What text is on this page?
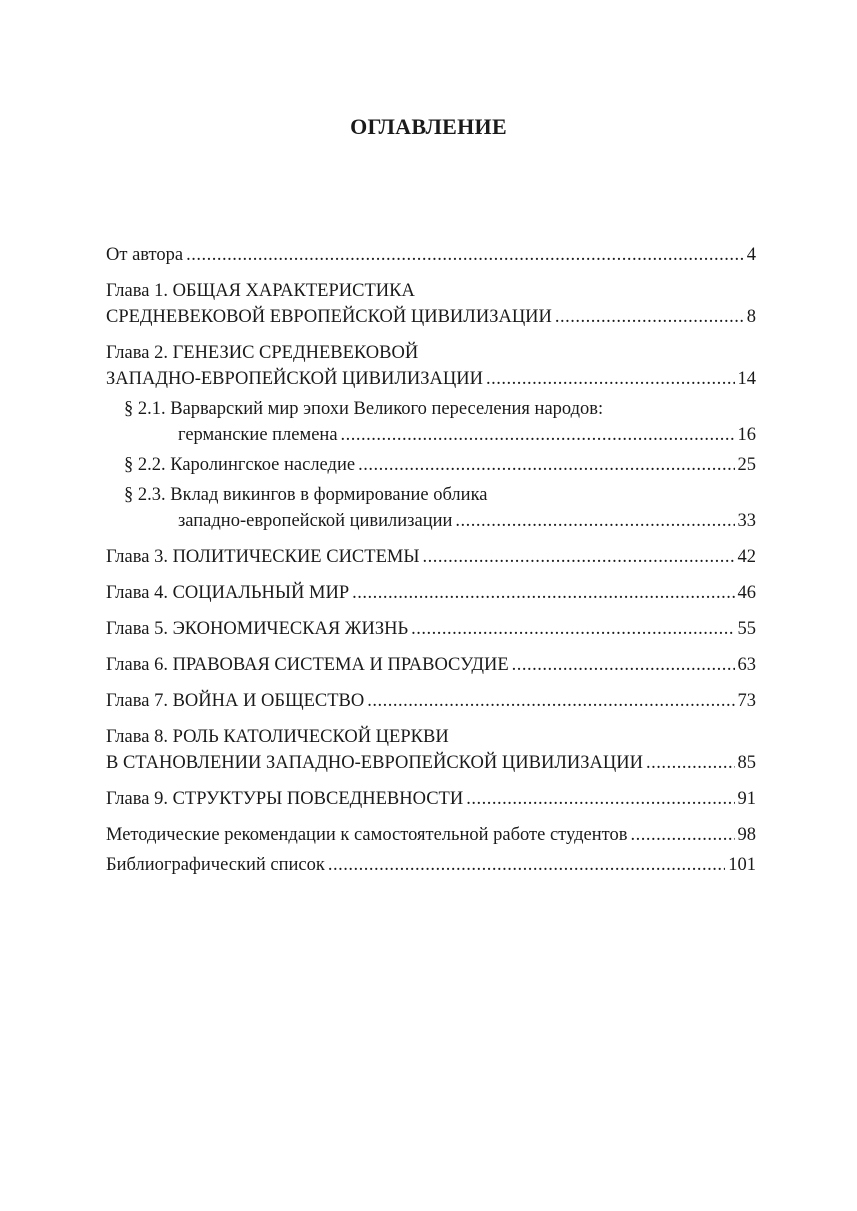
ОГЛАВЛЕНИЕ
От автора .....	4
Глава 1. ОБЩАЯ ХАРАКТЕРИСТИКА
СРЕДНЕВЕКОВОЙ ЕВРОПЕЙСКОЙ ЦИВИЛИЗАЦИИ .....	8
Глава 2. ГЕНЕЗИС СРЕДНЕВЕКОВОЙ
ЗАПАДНО-ЕВРОПЕЙСКОЙ ЦИВИЛИЗАЦИИ .....	14
§ 2.1. Варварский мир эпохи Великого переселения народов:
германские племена .....	16
§ 2.2. Каролингское наследие .....	25
§ 2.3. Вклад викингов в формирование облика
западно-европейской цивилизации .....	33
Глава 3. ПОЛИТИЧЕСКИЕ СИСТЕМЫ .....	42
Глава 4. СОЦИАЛЬНЫЙ МИР .....	46
Глава 5. ЭКОНОМИЧЕСКАЯ ЖИЗНЬ .....	55
Глава 6. ПРАВОВАЯ СИСТЕМА И ПРАВОСУДИЕ .....	63
Глава 7. ВОЙНА И ОБЩЕСТВО .....	73
Глава 8. РОЛЬ КАТОЛИЧЕСКОЙ ЦЕРКВИ
В СТАНОВЛЕНИИ ЗАПАДНО-ЕВРОПЕЙСКОЙ ЦИВИЛИЗАЦИИ .....	85
Глава 9. СТРУКТУРЫ ПОВСЕДНЕВНОСТИ .....	91
Методические рекомендации к самостоятельной работе студентов .....	98
Библиографический список .....	101
